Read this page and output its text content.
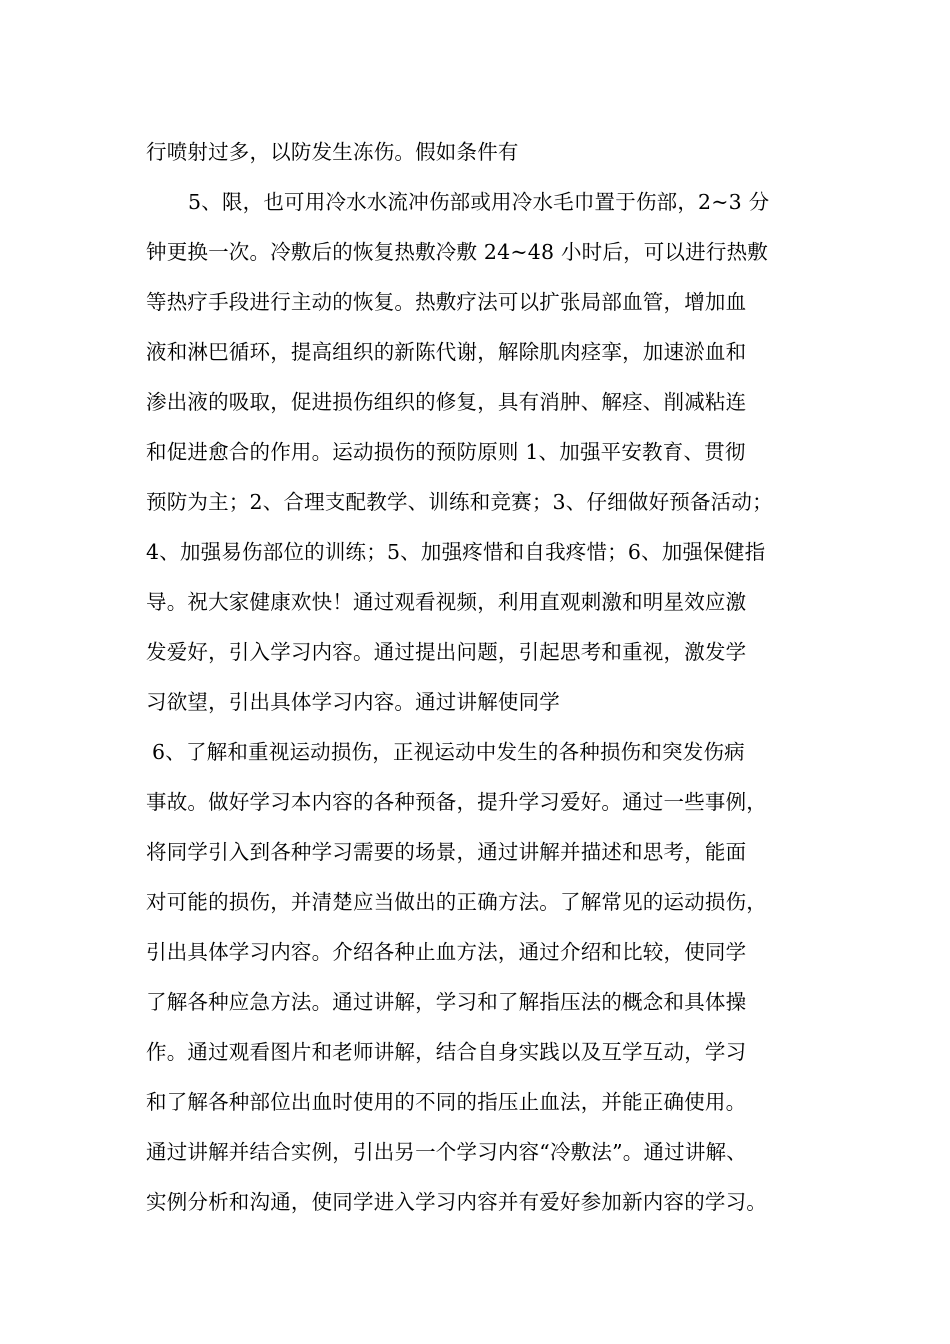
行喷射过多，以防发生冻伤。假如条件有
5、限，也可用冷水水流冲伤部或用冷水毛巾置于伤部，2~3 分
钟更换一次。冷敷后的恢复热敷冷敷 24~48 小时后，可以进行热敷
等热疗手段进行主动的恢复。热敷疗法可以扩张局部血管，增加血
液和淋巴循环，提高组织的新陈代谢，解除肌肉痉挛，加速淤血和
渗出液的吸取，促进损伤组织的修复，具有消肿、解痉、削减粘连
和促进愈合的作用。运动损伤的预防原则 1、加强平安教育、贯彻
预防为主；2、合理支配教学、训练和竞赛；3、仔细做好预备活动；
4、加强易伤部位的训练；5、加强疼惜和自我疼惜；6、加强保健指
导。祝大家健康欢快！通过观看视频，利用直观刺激和明星效应激
发爱好，引入学习内容。通过提出问题，引起思考和重视，激发学
习欲望，引出具体学习内容。通过讲解使同学
6、了解和重视运动损伤，正视运动中发生的各种损伤和突发伤病
事故。做好学习本内容的各种预备，提升学习爱好。通过一些事例，
将同学引入到各种学习需要的场景，通过讲解并描述和思考，能面
对可能的损伤，并清楚应当做出的正确方法。了解常见的运动损伤，
引出具体学习内容。介绍各种止血方法，通过介绍和比较，使同学
了解各种应急方法。通过讲解，学习和了解指压法的概念和具体操
作。通过观看图片和老师讲解，结合自身实践以及互学互动，学习
和了解各种部位出血时使用的不同的指压止血法，并能正确使用。
通过讲解并结合实例，引出另一个学习内容“冷敷法”。通过讲解、
实例分析和沟通，使同学进入学习内容并有爱好参加新内容的学习。
